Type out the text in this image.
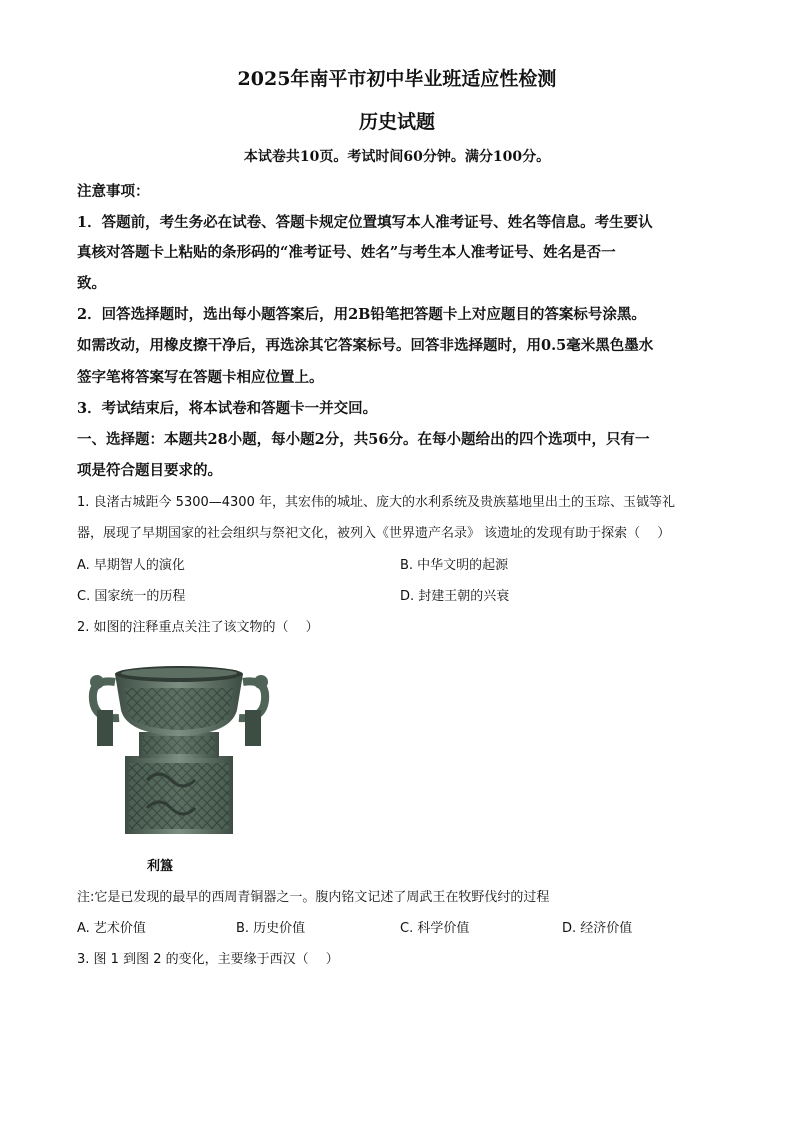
2025年南平市初中毕业班适应性检测
历史试题
本试卷共10页。考试时间60分钟。满分100分。
注意事项：
1．答题前，考生务必在试卷、答题卡规定位置填写本人准考证号、姓名等信息。考生要认
真核对答题卡上粘贴的条形码的“准考证号、姓名”与考生本人准考证号、姓名是否一
致。
2．回答选择题时，选出每小题答案后，用2B铅笔把答题卡上对应题目的答案标号涂黑。
如需改动，用橡皮擦干净后，再选涂其它答案标号。回答非选择题时，用0.5毫米黑色墨水
签字笔将答案写在答题卡相应位置上。
3．考试结束后，将本试卷和答题卡一并交回。
一、选择题：本题共28小题，每小题2分，共56分。在每小题给出的四个选项中，只有一
项是符合题目要求的。
1. 良渚古城距今 5300—4300 年，其宏伟的城址、庞大的水利系统及贵族墓地里出土的玉琮、玉钺等礼
器，展现了早期国家的社会组织与祭祀文化，被列入《世界遗产名录》 该遗址的发现有助于探索（　 ）
A. 早期智人的演化	B. 中华文明的起源
C. 国家统一的历程	D. 封建王朝的兴衰
2. 如图的注释重点关注了该文物的（　 ）
利簋
注:它是已发现的最早的西周青铜器之一。腹内铭文记述了周武王在牧野伐纣的过程
A. 艺术价值	B. 历史价值	C. 科学价值	D. 经济价值
3. 图 1 到图 2 的变化，主要缘于西汉（　 ）
